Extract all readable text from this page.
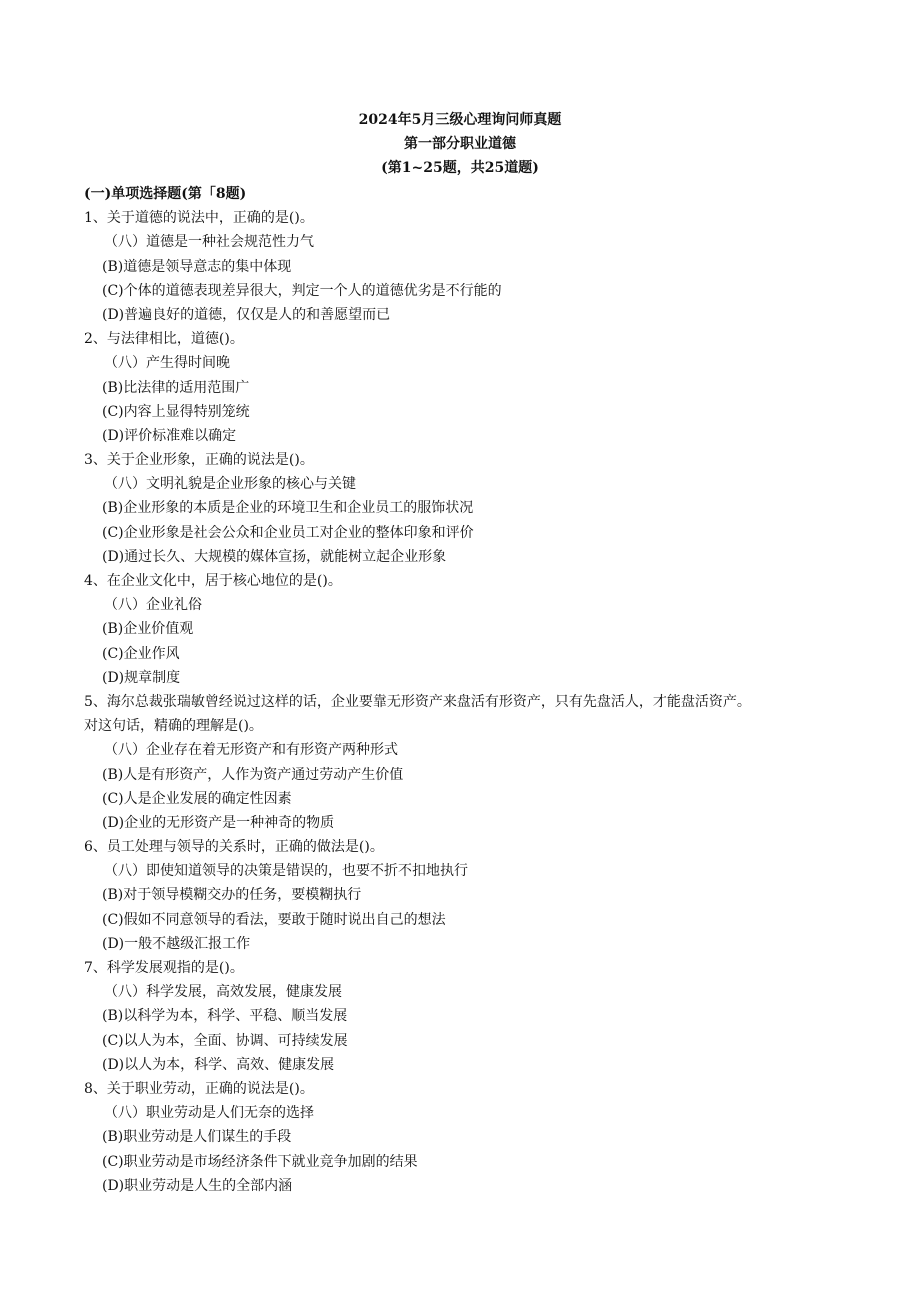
2024年5月三级心理询问师真题
第一部分职业道德
(第1~25题，共25道题)
(一)单项选择题(第「8题)
1、关于道德的说法中，正确的是()。
（八）道德是一种社会规范性力气
(B)道德是领导意志的集中体现
(C)个体的道德表现差异很大，判定一个人的道德优劣是不行能的
(D)普遍良好的道德，仅仅是人的和善愿望而已
2、与法律相比，道德()。
（八）产生得时间晚
(B)比法律的适用范围广
(C)内容上显得特别笼统
(D)评价标准难以确定
3、关于企业形象，正确的说法是()。
（八）文明礼貌是企业形象的核心与关键
(B)企业形象的本质是企业的环境卫生和企业员工的服饰状况
(C)企业形象是社会公众和企业员工对企业的整体印象和评价
(D)通过长久、大规模的媒体宣扬，就能树立起企业形象
4、在企业文化中，居于核心地位的是()。
（八）企业礼俗
(B)企业价值观
(C)企业作风
(D)规章制度
5、海尔总裁张瑞敏曾经说过这样的话，企业要靠无形资产来盘活有形资产，只有先盘活人，才能盘活资产。
对这句话，精确的理解是()。
（八）企业存在着无形资产和有形资产两种形式
(B)人是有形资产，人作为资产通过劳动产生价值
(C)人是企业发展的确定性因素
(D)企业的无形资产是一种神奇的物质
6、员工处理与领导的关系时，正确的做法是()。
（八）即使知道领导的决策是错误的，也要不折不扣地执行
(B)对于领导模糊交办的任务，要模糊执行
(C)假如不同意领导的看法，要敢于随时说出自己的想法
(D)一般不越级汇报工作
7、科学发展观指的是()。
（八）科学发展，高效发展，健康发展
(B)以科学为本，科学、平稳、顺当发展
(C)以人为本，全面、协调、可持续发展
(D)以人为本，科学、高效、健康发展
8、关于职业劳动，正确的说法是()。
（八）职业劳动是人们无奈的选择
(B)职业劳动是人们谋生的手段
(C)职业劳动是市场经济条件下就业竞争加剧的结果
(D)职业劳动是人生的全部内涵
